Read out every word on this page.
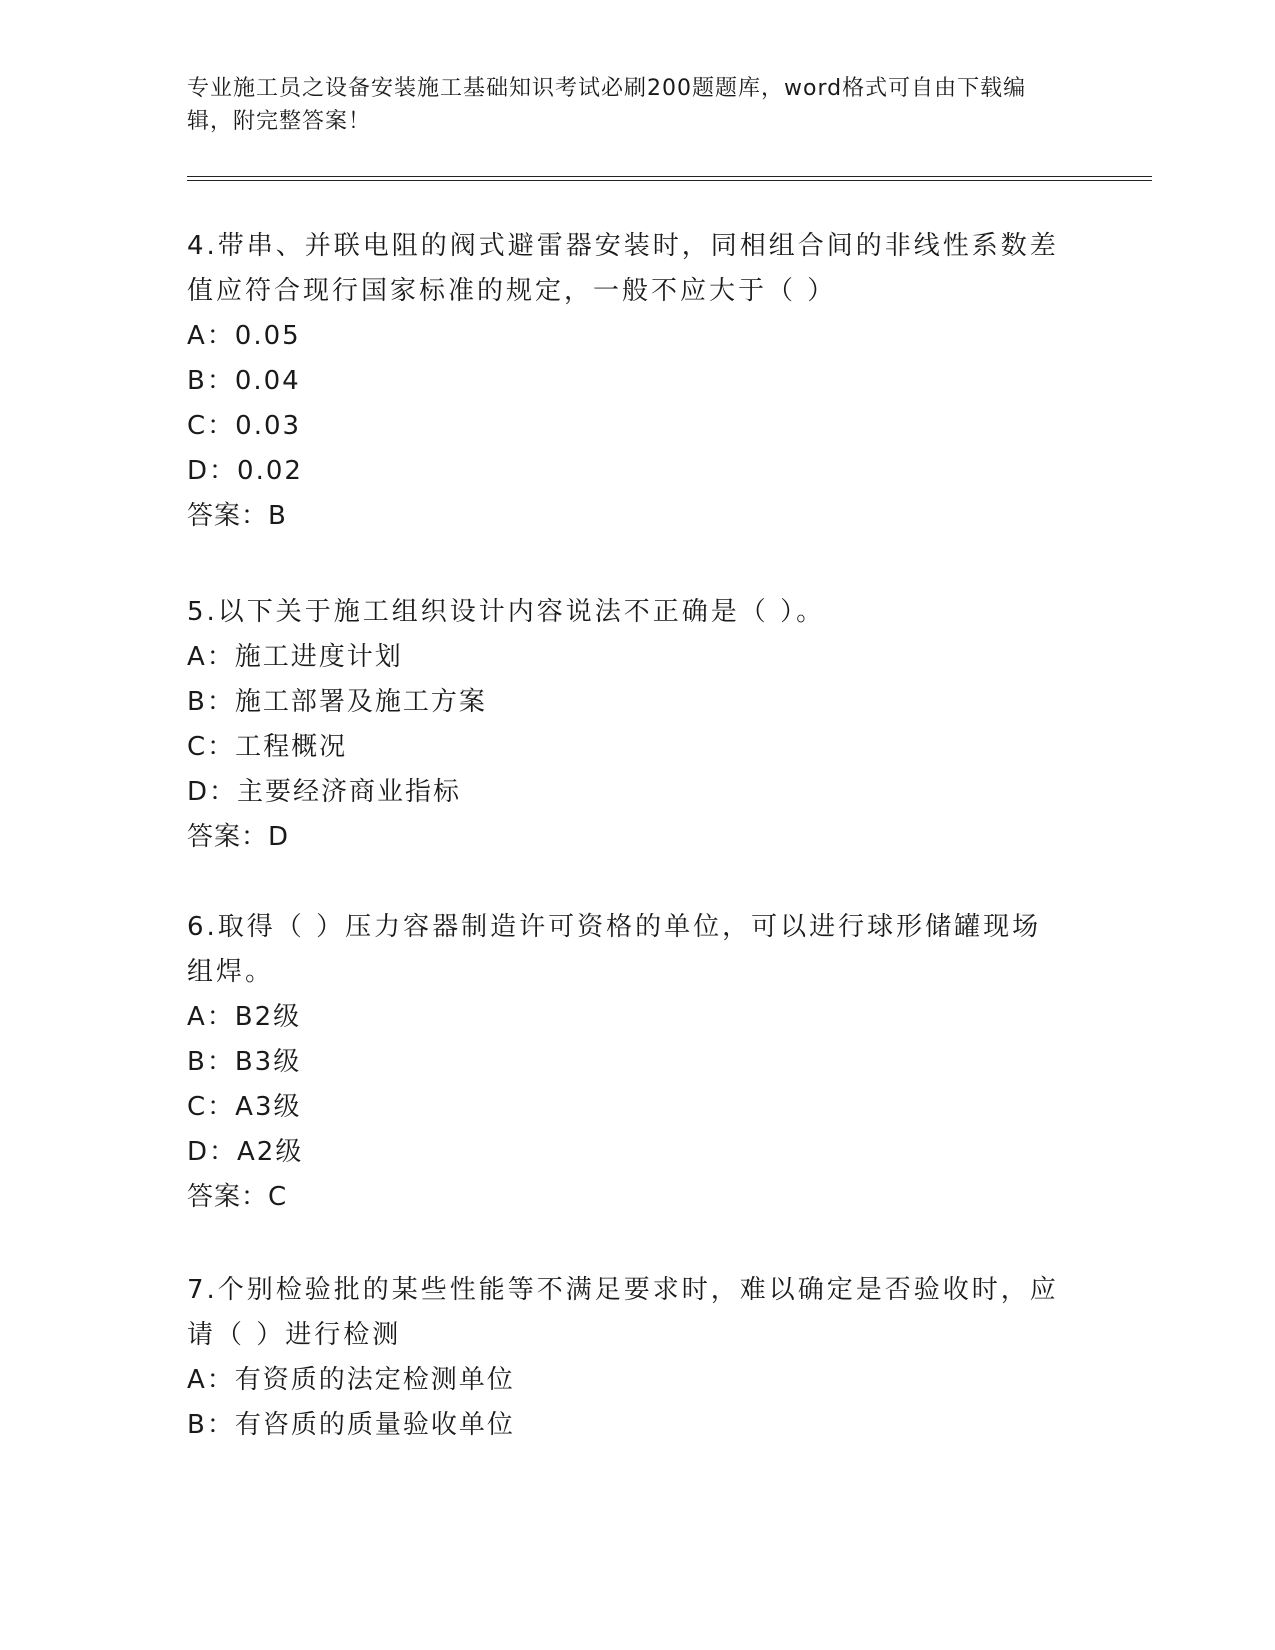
专业施工员之设备安装施工基础知识考试必刷200题题库，word格式可自由下载编辑，附完整答案！

4.带串、并联电阻的阀式避雷器安装时，同相组合间的非线性系数差值应符合现行国家标准的规定，一般不应大于（ ）

A：0.05

B：0.04

C：0.03

D：0.02

答案：B

5.以下关于施工组织设计内容说法不正确是（ ）。

A：施工进度计划

B：施工部署及施工方案

C：工程概况

D：主要经济商业指标

答案：D

6.取得（ ）压力容器制造许可资格的单位，可以进行球形储罐现场组焊。

A：B2级

B：B3级

C：A3级

D：A2级

答案：C

7.个别检验批的某些性能等不满足要求时，难以确定是否验收时，应请（ ）进行检测

A：有资质的法定检测单位

B：有咨质的质量验收单位
